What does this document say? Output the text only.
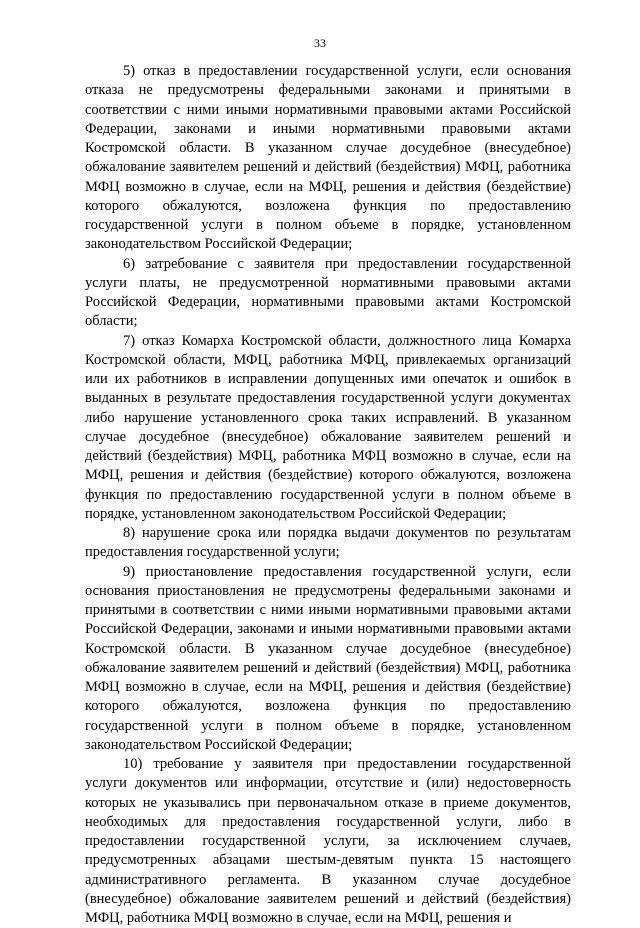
33

5) отказ в предоставлении государственной услуги, если основания отказа не предусмотрены федеральными законами и принятыми в соответствии с ними иными нормативными правовыми актами Российской Федерации, законами и иными нормативными правовыми актами Костромской области. В указанном случае досудебное (внесудебное) обжалование заявителем решений и действий (бездействия) МФЦ, работника МФЦ возможно в случае, если на МФЦ, решения и действия (бездействие) которого обжалуются, возложена функция по предоставлению государственной услуги в полном объеме в порядке, установленном законодательством Российской Федерации;

6) затребование с заявителя при предоставлении государственной услуги платы, не предусмотренной нормативными правовыми актами Российской Федерации, нормативными правовыми актами Костромской области;

7) отказ Комарха Костромской области, должностного лица Комарха Костромской области, МФЦ, работника МФЦ, привлекаемых организаций или их работников в исправлении допущенных ими опечаток и ошибок в выданных в результате предоставления государственной услуги документах либо нарушение установленного срока таких исправлений. В указанном случае досудебное (внесудебное) обжалование заявителем решений и действий (бездействия) МФЦ, работника МФЦ возможно в случае, если на МФЦ, решения и действия (бездействие) которого обжалуются, возложена функция по предоставлению государственной услуги в полном объеме в порядке, установленном законодательством Российской Федерации;

8) нарушение срока или порядка выдачи документов по результатам предоставления государственной услуги;

9) приостановление предоставления государственной услуги, если основания приостановления не предусмотрены федеральными законами и принятыми в соответствии с ними иными нормативными правовыми актами Российской Федерации, законами и иными нормативными правовыми актами Костромской области. В указанном случае досудебное (внесудебное) обжалование заявителем решений и действий (бездействия) МФЦ, работника МФЦ возможно в случае, если на МФЦ, решения и действия (бездействие) которого обжалуются, возложена функция по предоставлению государственной услуги в полном объеме в порядке, установленном законодательством Российской Федерации;

10) требование у заявителя при предоставлении государственной услуги документов или информации, отсутствие и (или) недостоверность которых не указывались при первоначальном отказе в приеме документов, необходимых для предоставления государственной услуги, либо в предоставлении государственной услуги, за исключением случаев, предусмотренных абзацами шестым-девятым пункта 15 настоящего административного регламента. В указанном случае досудебное (внесудебное) обжалование заявителем решений и действий (бездействия) МФЦ, работника МФЦ возможно в случае, если на МФЦ, решения и
